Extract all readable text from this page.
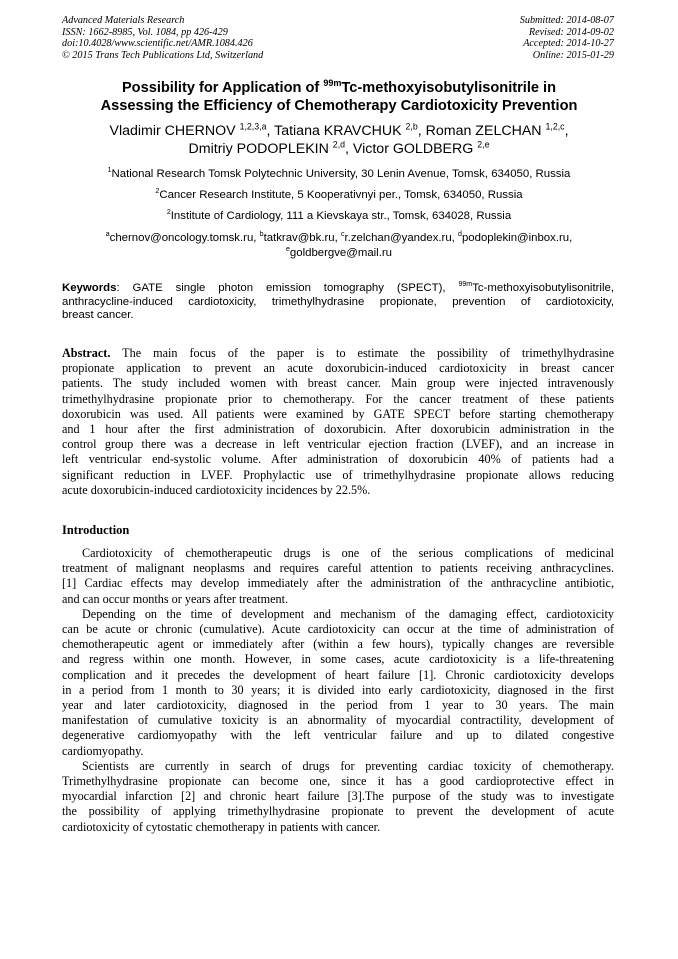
Advanced Materials Research
ISSN: 1662-8985, Vol. 1084, pp 426-429
doi:10.4028/www.scientific.net/AMR.1084.426
© 2015 Trans Tech Publications Ltd, Switzerland
Submitted: 2014-08-07
Revised: 2014-09-02
Accepted: 2014-10-27
Online: 2015-01-29
Possibility for Application of $^{99m}$Tc-methoxyisobutylisonitrile in
Assessing the Efficiency of Chemotherapy Cardiotoxicity Prevention
Vladimir CHERNOV $^{1,2,3,a}$, Tatiana KRAVCHUK $^{2,b}$, Roman ZELCHAN $^{1,2,c}$,
Dmitriy PODOPLEKIN $^{2,d}$, Victor GOLDBERG $^{2,e}$
$^1$National Research Tomsk Polytechnic University, 30 Lenin Avenue, Tomsk, 634050, Russia
$^2$Cancer Research Institute, 5 Kooperativnyi per., Tomsk, 634050, Russia
$^2$Institute of Cardiology, 111 a Kievskaya str., Tomsk, 634028, Russia
$^a$chernov@oncology.tomsk.ru, $^b$tatkrav@bk.ru, $^c$r.zelchan@yandex.ru, $^d$podoplekin@inbox.ru,
$^e$goldbergve@mail.ru
Keywords: GATE single photon emission tomography (SPECT), $^{99m}$Tc-methoxyisobutylisonitrile,
anthracycline-induced cardiotoxicity, trimethylhydrasine propionate, prevention of cardiotoxicity,
breast cancer.
Abstract. The main focus of the paper is to estimate the possibility of trimethylhydrasine
propionate application to prevent an acute doxorubicin-induced cardiotoxicity in breast cancer
patients. The study included women with breast cancer. Main group were injected intravenously
trimethylhydrasine propionate prior to chemotherapy. For the cancer treatment of these patients
doxorubicin was used. All patients were examined by GATE SPECT before starting chemotherapy
and 1 hour after the first administration of doxorubicin. After doxorubicin administration in the
control group there was a decrease in left ventricular ejection fraction (LVEF), and an increase in
left ventricular end-systolic volume. After administration of doxorubicin 40% of patients had a
significant reduction in LVEF. Prophylactic use of trimethylhydrasine propionate allows reducing
acute doxorubicin-induced cardiotoxicity incidences by 22.5%.
Introduction
Cardiotoxicity of chemotherapeutic drugs is one of the serious complications of medicinal
treatment of malignant neoplasms and requires careful attention to patients receiving anthracyclines.
[1] Cardiac effects may develop immediately after the administration of the anthracycline antibiotic,
and can occur months or years after treatment.
Depending on the time of development and mechanism of the damaging effect, cardiotoxicity
can be acute or chronic (cumulative). Acute cardiotoxicity can occur at the time of administration of
chemotherapeutic agent or immediately after (within a few hours), typically changes are reversible
and regress within one month. However, in some cases, acute cardiotoxicity is a life-threatening
complication and it precedes the development of heart failure [1]. Chronic cardiotoxicity develops
in a period from 1 month to 30 years; it is divided into early cardiotoxicity, diagnosed in the first
year and later cardiotoxicity, diagnosed in the period from 1 year to 30 years. The main
manifestation of cumulative toxicity is an abnormality of myocardial contractility, development of
degenerative cardiomyopathy with the left ventricular failure and up to dilated congestive
cardiomyopathy.
Scientists are currently in search of drugs for preventing cardiac toxicity of chemotherapy.
Trimethylhydrasine propionate can become one, since it has a good cardioprotective effect in
myocardial infarction [2] and chronic heart failure [3].The purpose of the study was to investigate
the possibility of applying trimethylhydrasine propionate to prevent the development of acute
cardiotoxicity of cytostatic chemotherapy in patients with cancer.
